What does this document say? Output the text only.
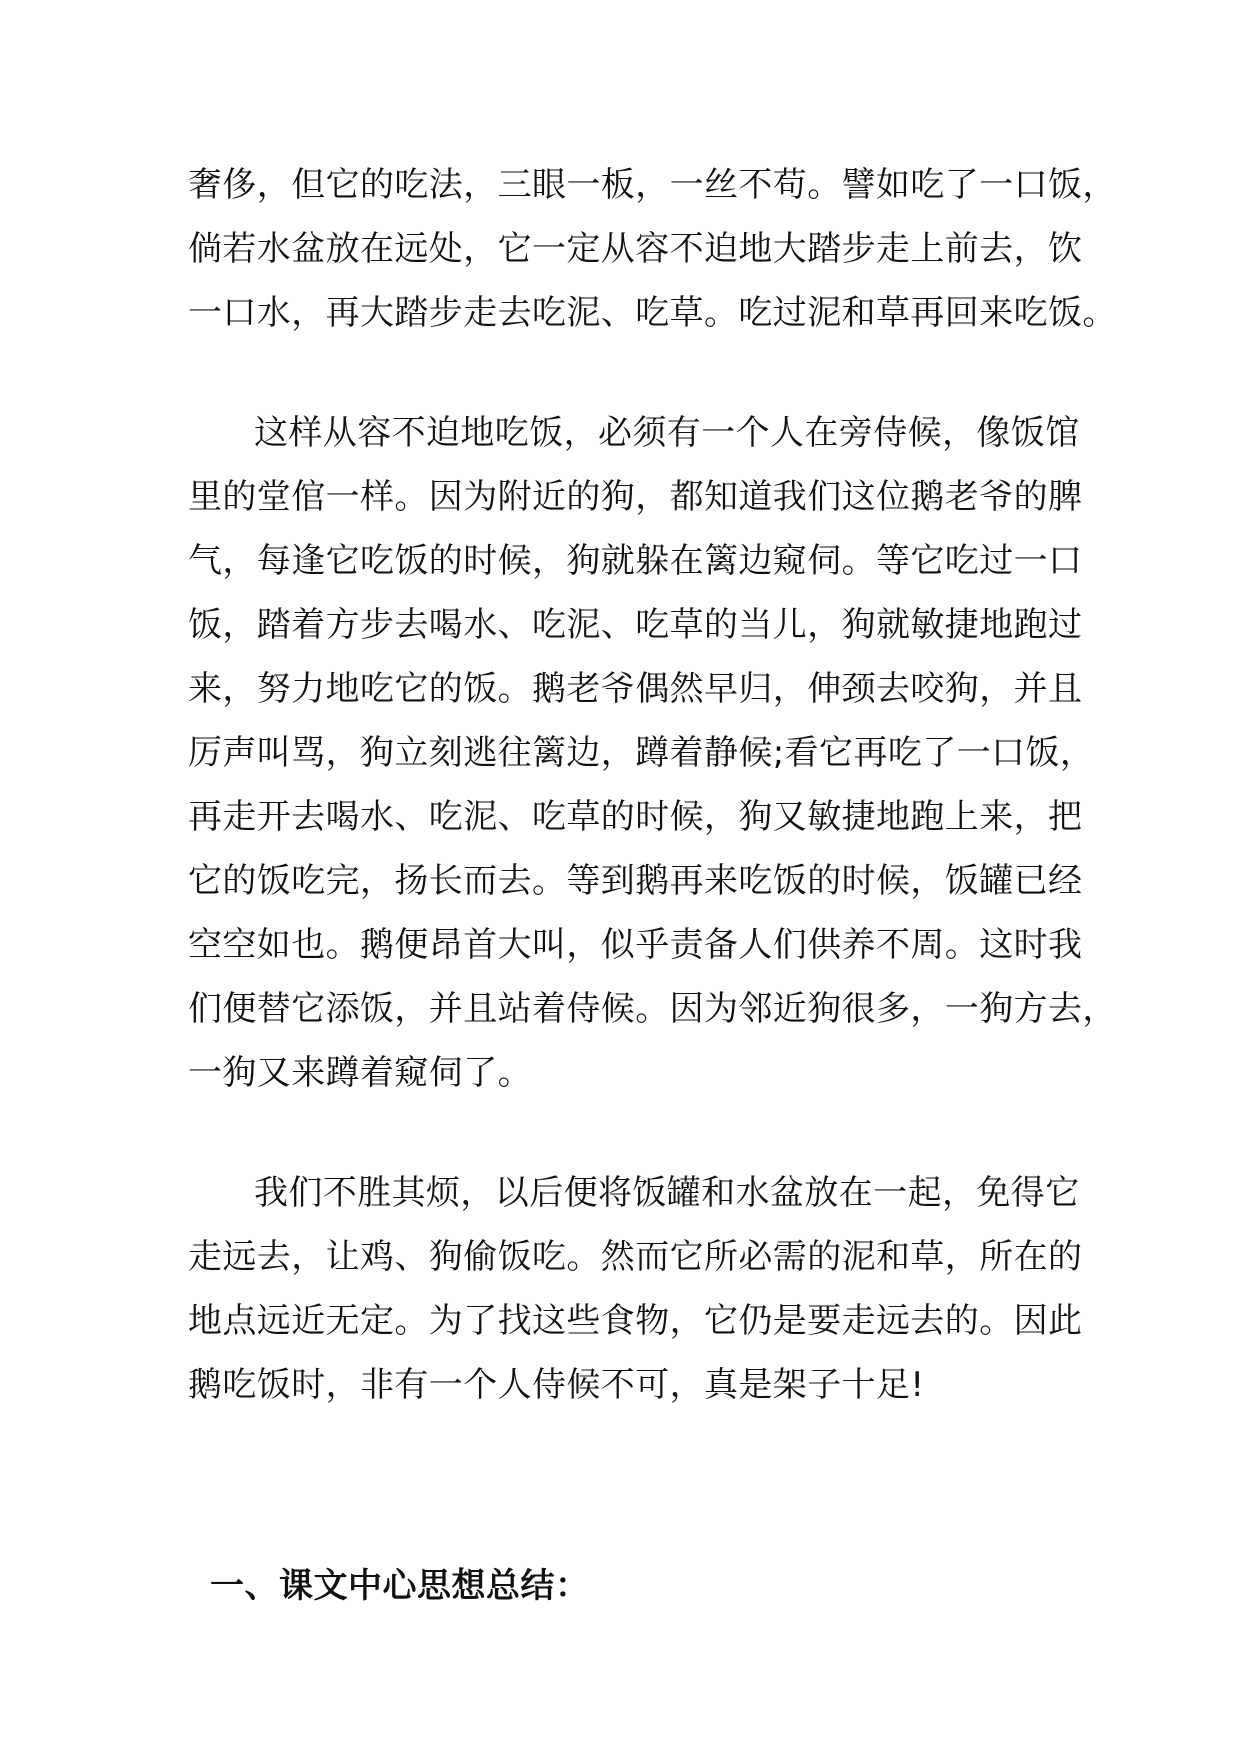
奢侈，但它的吃法，三眼一板，一丝不苟。譬如吃了一口饭，
倘若水盆放在远处，它一定从容不迫地大踏步走上前去，饮
一口水，再大踏步走去吃泥、吃草。吃过泥和草再回来吃饭。
这样从容不迫地吃饭，必须有一个人在旁侍候，像饭馆
里的堂倌一样。因为附近的狗，都知道我们这位鹅老爷的脾
气，每逢它吃饭的时候，狗就躲在篱边窥伺。等它吃过一口
饭，踏着方步去喝水、吃泥、吃草的当儿，狗就敏捷地跑过
来，努力地吃它的饭。鹅老爷偶然早归，伸颈去咬狗，并且
厉声叫骂，狗立刻逃往篱边，蹲着静候;看它再吃了一口饭，
再走开去喝水、吃泥、吃草的时候，狗又敏捷地跑上来，把
它的饭吃完，扬长而去。等到鹅再来吃饭的时候，饭罐已经
空空如也。鹅便昂首大叫，似乎责备人们供养不周。这时我
们便替它添饭，并且站着侍候。因为邻近狗很多，一狗方去，
一狗又来蹲着窥伺了。
我们不胜其烦，以后便将饭罐和水盆放在一起，免得它
走远去，让鸡、狗偷饭吃。然而它所必需的泥和草，所在的
地点远近无定。为了找这些食物，它仍是要走远去的。因此
鹅吃饭时，非有一个人侍候不可，真是架子十足!
一、课文中心思想总结：
